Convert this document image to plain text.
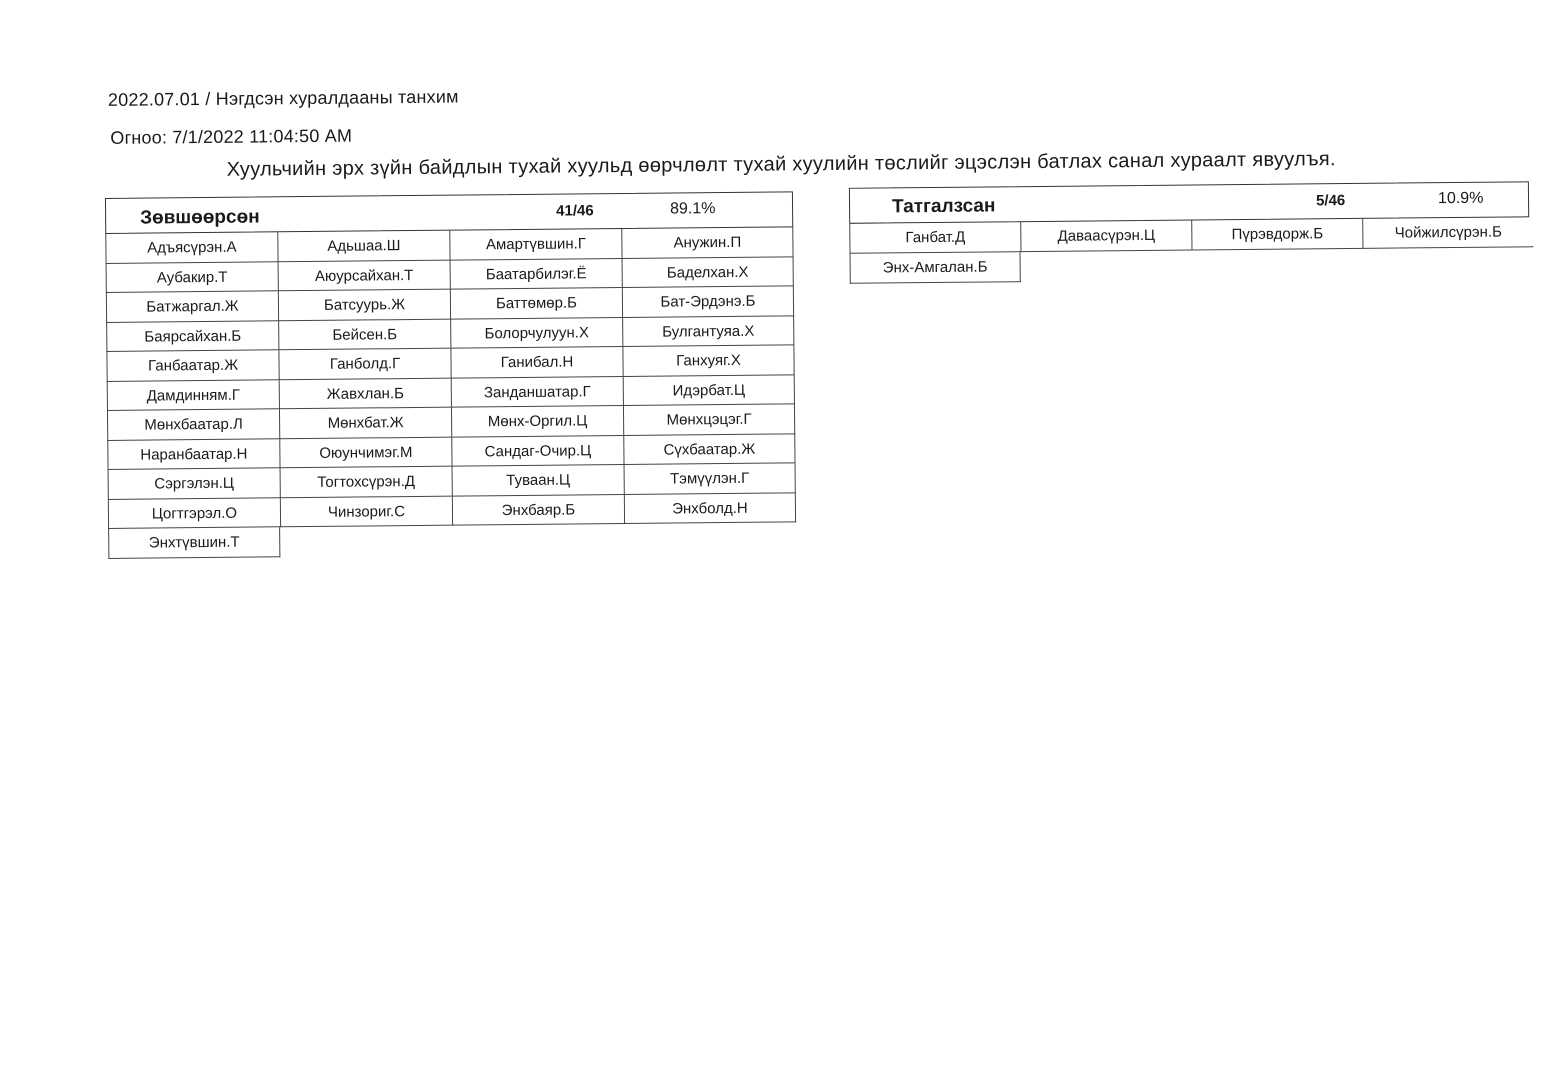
2022.07.01 / Нэгдсэн хуралдааны танхим
Огноо: 7/1/2022 11:04:50 AM
Хуульчийн эрх зүйн байдлын тухай хуульд өөрчлөлт тухай хуулийн төслийг эцэслэн батлах санал хураалт явуулъя.
Зөвшөөрсөн	41/46	89.1%
Адъясүрэн.А	Адьшаа.Ш	Амартүвшин.Г	Анужин.П
Аубакир.Т	Аюурсайхан.Т	Баатарбилэг.Ё	Баделхан.Х
Батжаргал.Ж	Батсуурь.Ж	Баттөмөр.Б	Бат-Эрдэнэ.Б
Баярсайхан.Б	Бейсен.Б	Болорчулуун.Х	Булгантуяа.Х
Ганбаатар.Ж	Ганболд.Г	Ганибал.Н	Ганхуяг.Х
Дамдинням.Г	Жавхлан.Б	Занданшатар.Г	Идэрбат.Ц
Мөнхбаатар.Л	Мөнхбат.Ж	Мөнх-Оргил.Ц	Мөнхцэцэг.Г
Наранбаатар.Н	Оюунчимэг.М	Сандаг-Очир.Ц	Сүхбаатар.Ж
Сэргэлэн.Ц	Тогтохсүрэн.Д	Туваан.Ц	Тэмүүлэн.Г
Цогтгэрэл.О	Чинзориг.С	Энхбаяр.Б	Энхболд.Н
Энхтүвшин.Т
Татгалзсан	5/46	10.9%
Ганбат.Д	Даваасүрэн.Ц	Пүрэвдорж.Б	Чойжилсүрэн.Б
Энх-Амгалан.Б
